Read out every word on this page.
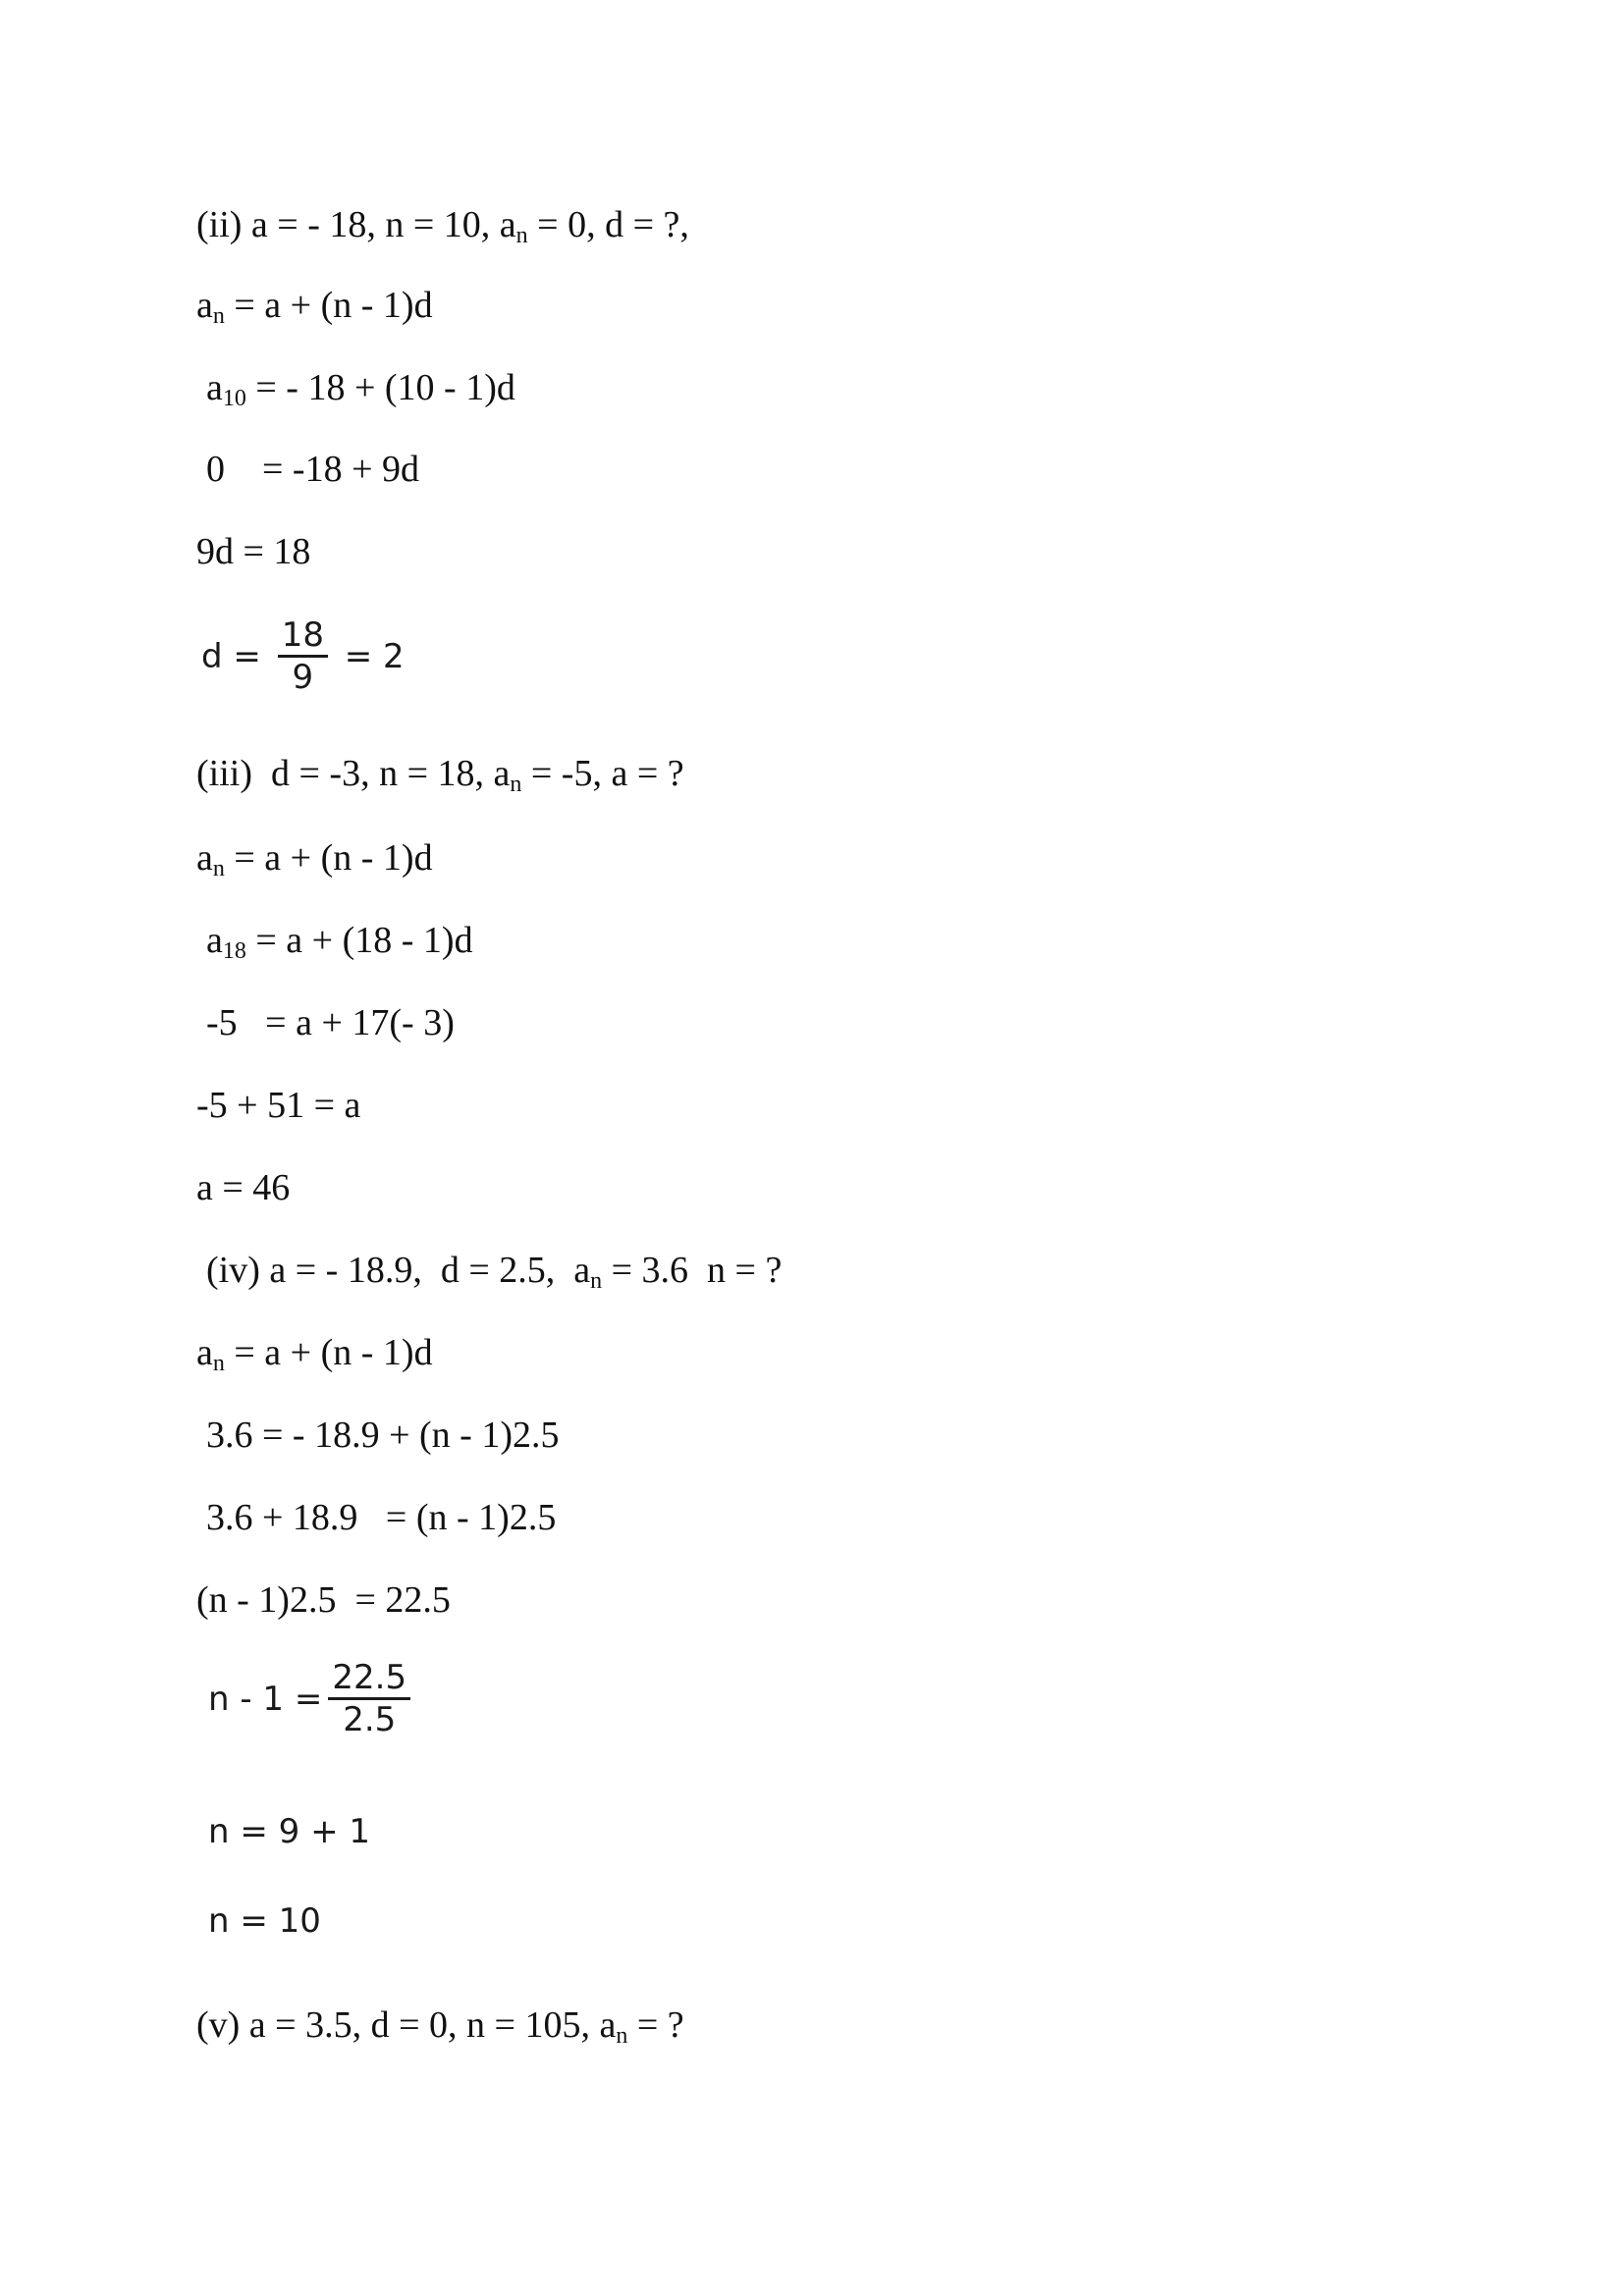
(ii) a = - 18, n = 10, $a_n = 0$, d = ?,
$a_n = a + (n - 1)d$
$a_{10}$ = - 18 + (10 - 1)d
0    = -18 + 9d
9d = 18
$d = \frac{18}{9} = 2$
(iii)  d = -3, n = 18, $a_n = -5$, a = ?
$a_n = a + (n - 1)d$
$a_{18} = a + (18 - 1)d$
-5   = a + 17(- 3)
-5 + 51 = a
a = 46
(iv) a = - 18.9,  d = 2.5,  $a_n = 3.6$  n = ?
$a_n = a + (n - 1)d$
3.6 = - 18.9 + (n - 1)2.5
3.6 + 18.9   = (n - 1)2.5
(n - 1)2.5  = 22.5
$n - 1 = \frac{22.5}{2.5}$
n = 9 + 1
n = 10
(v) a = 3.5, d = 0, n = 105, $a_n$ = ?
